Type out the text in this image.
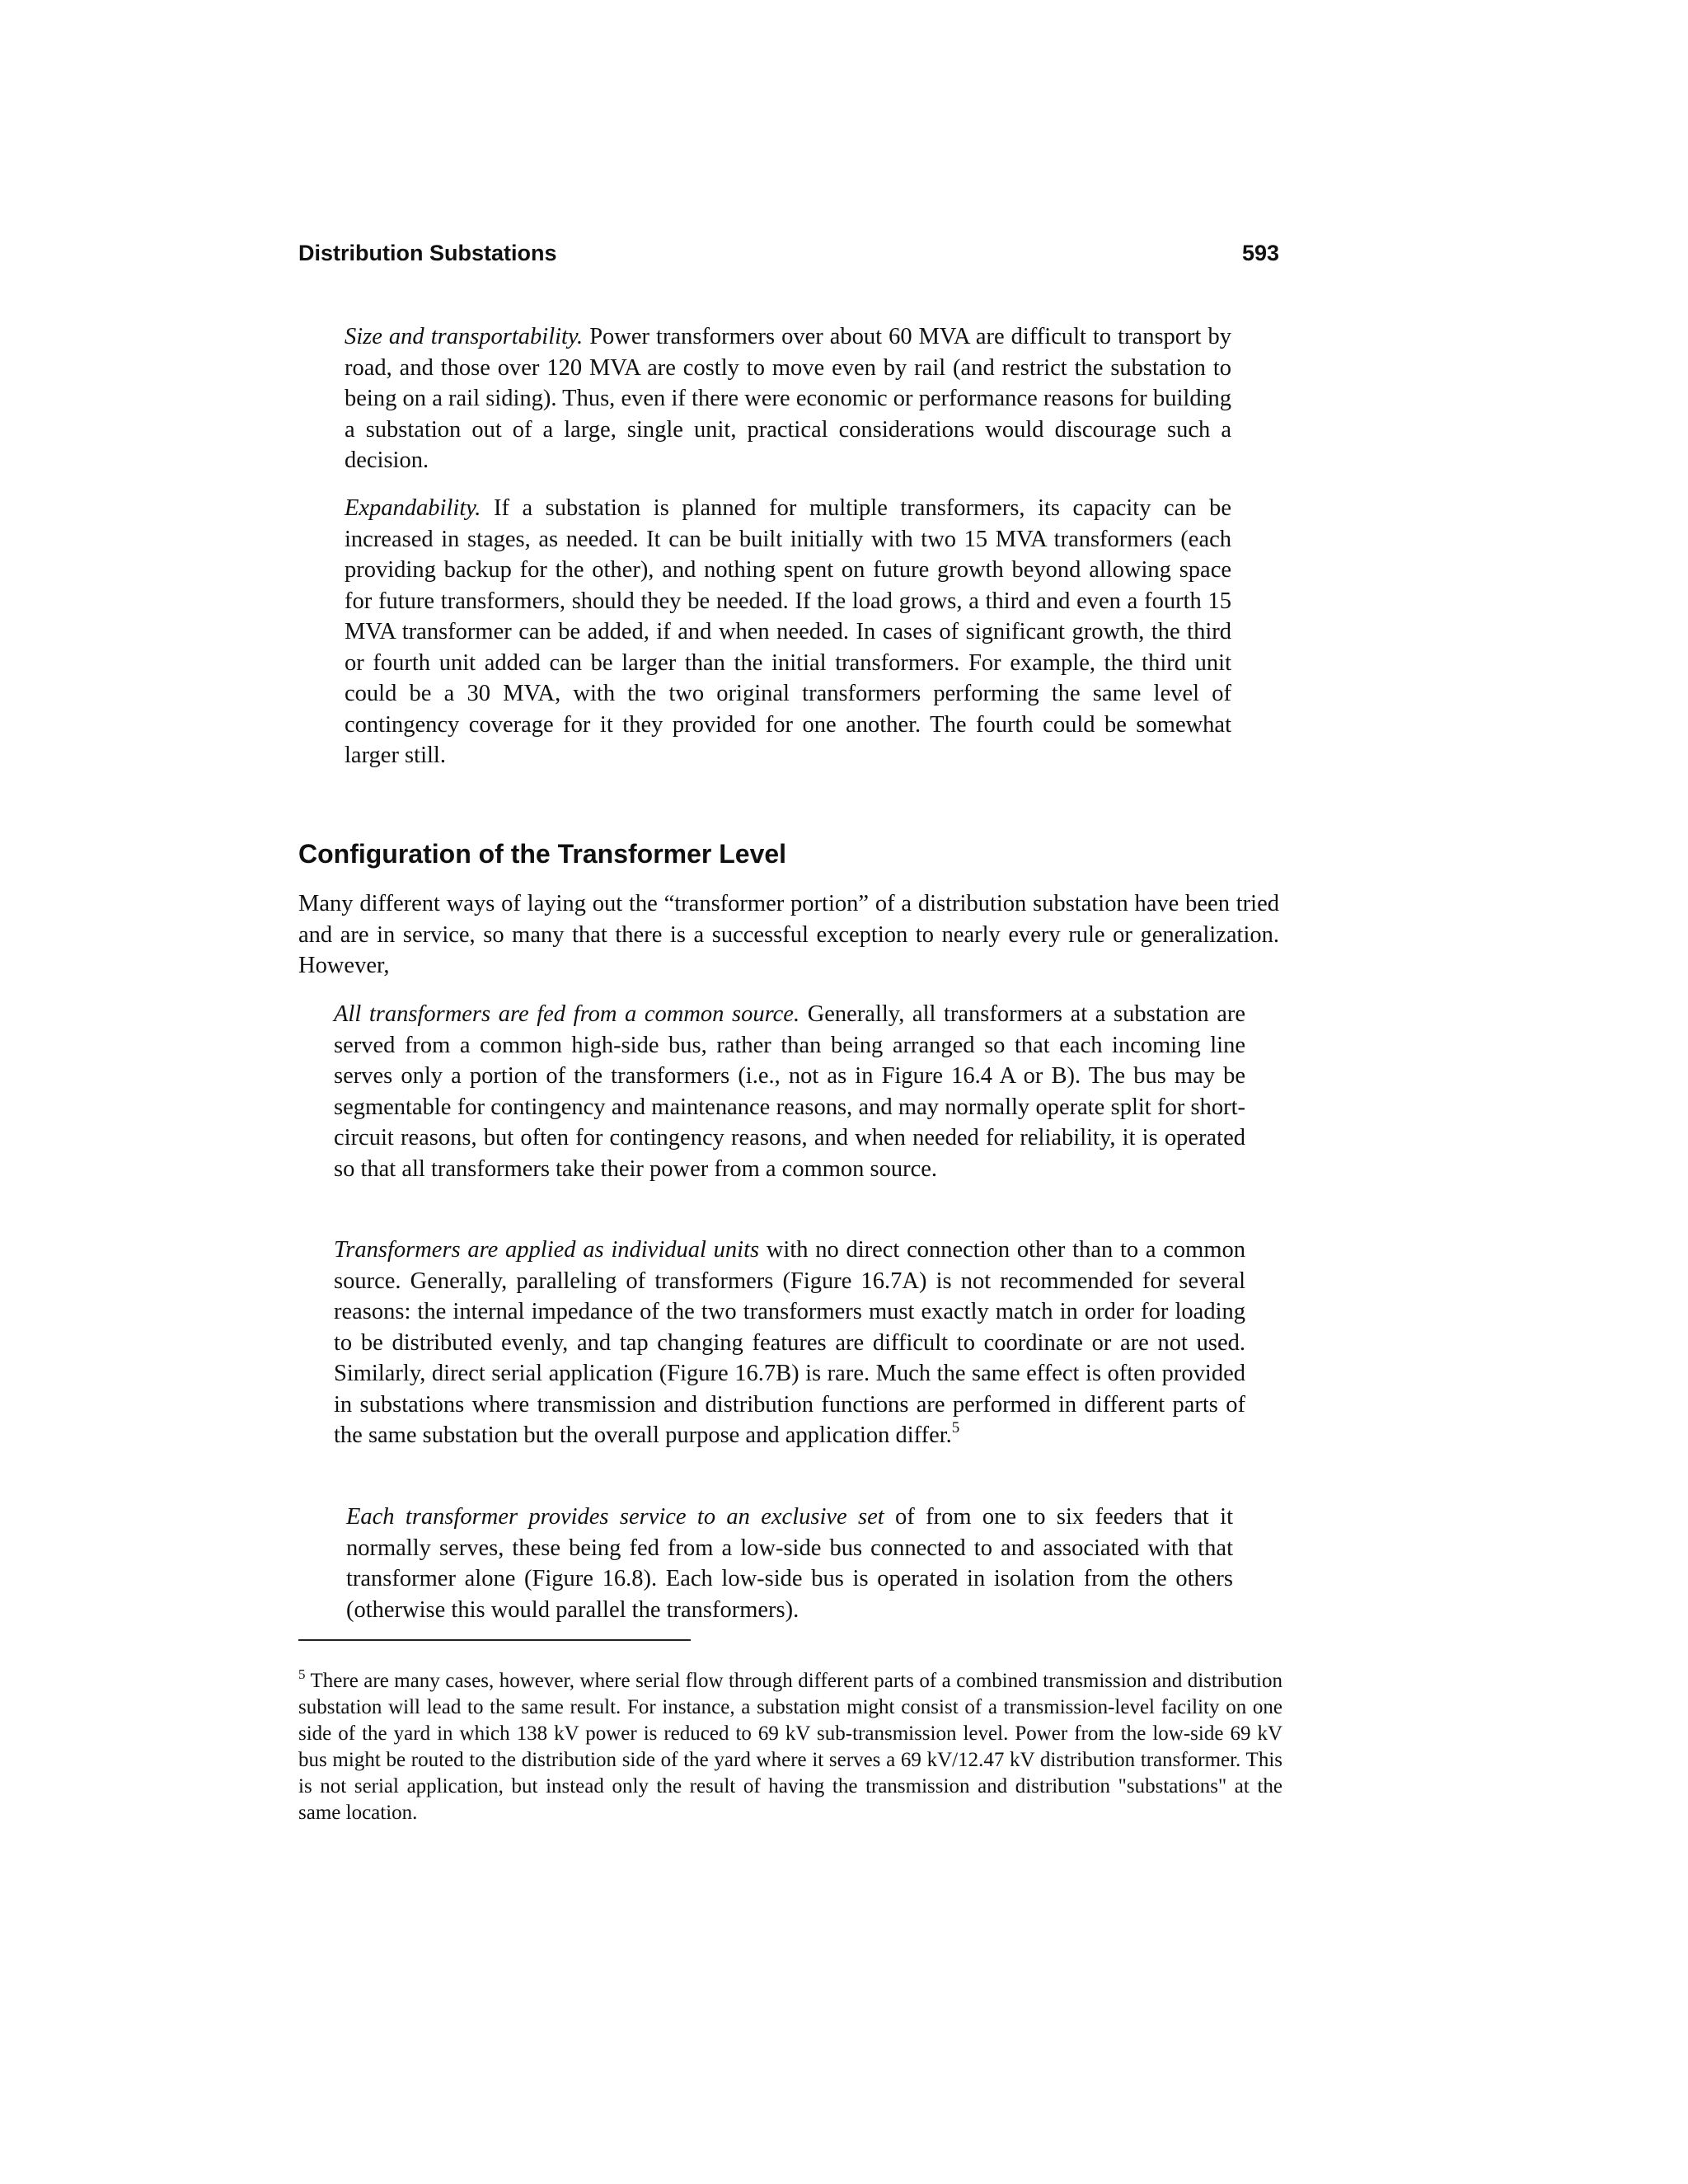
Distribution Substations	593

Size and transportability. Power transformers over about 60 MVA are difficult to transport by road, and those over 120 MVA are costly to move even by rail (and restrict the substation to being on a rail siding). Thus, even if there were economic or performance reasons for building a substation out of a large, single unit, practical considerations would discourage such a decision.

Expandability. If a substation is planned for multiple transformers, its capacity can be increased in stages, as needed. It can be built initially with two 15 MVA transformers (each providing backup for the other), and nothing spent on future growth beyond allowing space for future transformers, should they be needed. If the load grows, a third and even a fourth 15 MVA transformer can be added, if and when needed. In cases of significant growth, the third or fourth unit added can be larger than the initial transformers. For example, the third unit could be a 30 MVA, with the two original transformers performing the same level of contingency coverage for it they provided for one another. The fourth could be somewhat larger still.

Configuration of the Transformer Level

Many different ways of laying out the “transformer portion” of a distribution substation have been tried and are in service, so many that there is a successful exception to nearly every rule or generalization. However,

All transformers are fed from a common source. Generally, all transformers at a substation are served from a common high-side bus, rather than being arranged so that each incoming line serves only a portion of the transformers (i.e., not as in Figure 16.4 A or B). The bus may be segmentable for contingency and maintenance reasons, and may normally operate split for short-circuit reasons, but often for contingency reasons, and when needed for reliability, it is operated so that all transformers take their power from a common source.

Transformers are applied as individual units with no direct connection other than to a common source. Generally, paralleling of transformers (Figure 16.7A) is not recommended for several reasons: the internal impedance of the two transformers must exactly match in order for loading to be distributed evenly, and tap changing features are difficult to coordinate or are not used. Similarly, direct serial application (Figure 16.7B) is rare. Much the same effect is often provided in substations where transmission and distribution functions are performed in different parts of the same substation but the overall purpose and application differ.$^5$

Each transformer provides service to an exclusive set of from one to six feeders that it normally serves, these being fed from a low-side bus connected to and associated with that transformer alone (Figure 16.8). Each low-side bus is operated in isolation from the others (otherwise this would parallel the transformers).

$^5$ There are many cases, however, where serial flow through different parts of a combined transmission and distribution substation will lead to the same result. For instance, a substation might consist of a transmission-level facility on one side of the yard in which 138 kV power is reduced to 69 kV sub-transmission level. Power from the low-side 69 kV bus might be routed to the distribution side of the yard where it serves a 69 kV/12.47 kV distribution transformer. This is not serial application, but instead only the result of having the transmission and distribution "substations" at the same location.
